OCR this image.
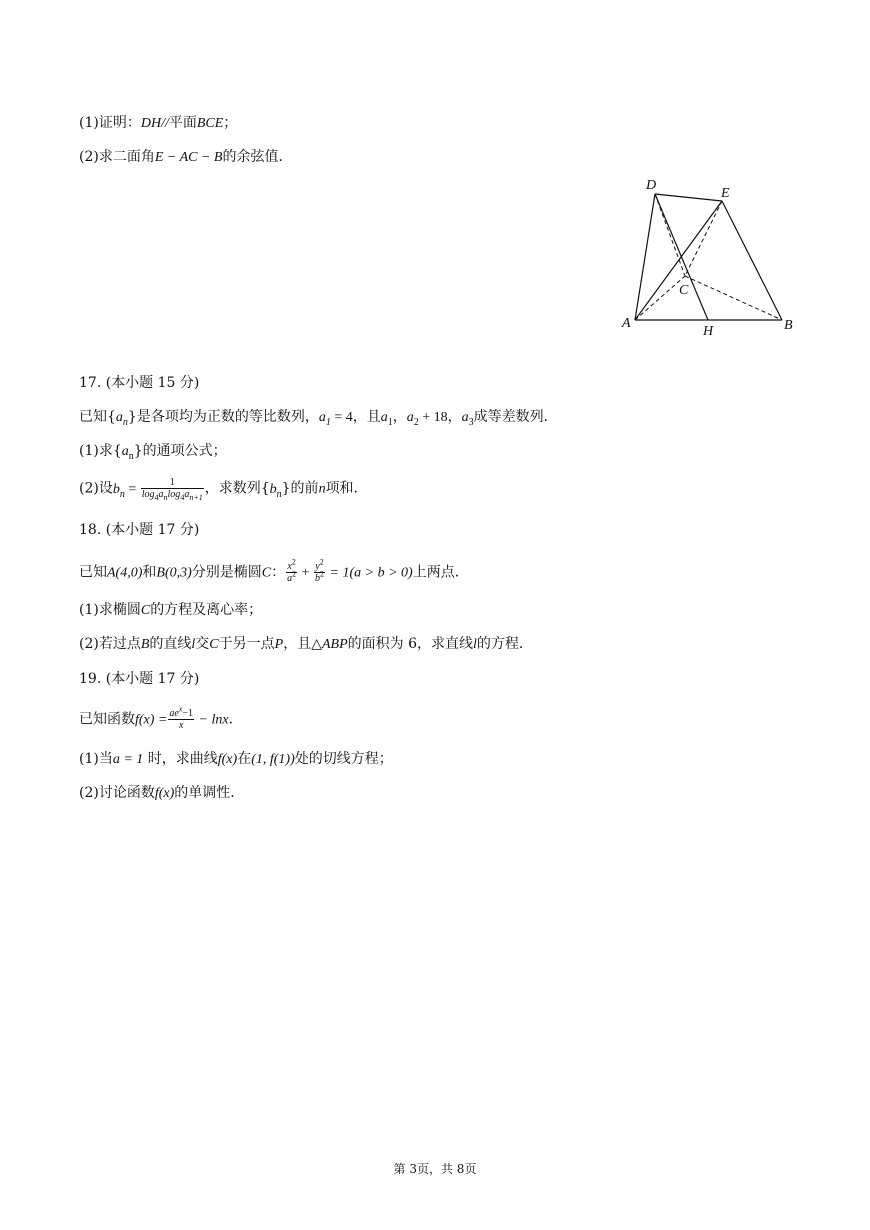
(1)证明：DH//平面BCE；
(2)求二面角E − AC − B的余弦值．
D
E
C
A
H	B
17. (本小题 15 分)
已知$\{a_n\}$是各项均为正数的等比数列，$a_1 = 4$，且$a_1$，$a_2 + 18$，$a_3$成等差数列．
(1)求$\{a_n\}$的通项公式；
(2)设$b_n = \frac{1}{\log_4a_n\log_4a_{n+1}}$ ，求数列$\{b_n\}$的前n项和．
18. (本小题 17 分)
已知A(4,0)和B(0,3)分别是椭圆C： $\frac{x^2}{a^2} + \frac{y^2}{b^2} = 1(a > b > 0)$上两点．
(1)求椭圆C的方程及离心率；
(2)若过点B的直线l交C于另一点P，且△ABP的面积为 6，求直线l的方程．
19. (本小题 17 分)
已知函数$f(x) = \frac{ae^x-1}{x} - \ln x$．
(1)当a = 1 时，求曲线f(x)在(1, f(1))处的切线方程；
(2)讨论函数f(x)的单调性．
第 3页，共 8页
